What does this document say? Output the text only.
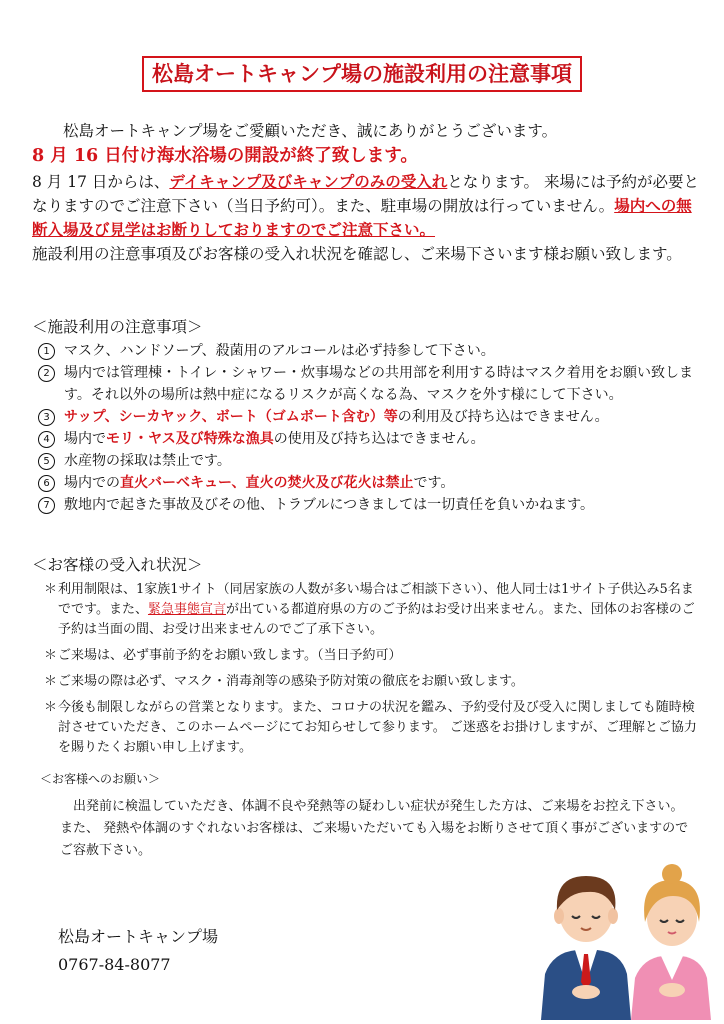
松島オートキャンプ場の施設利用の注意事項

松島オートキャンプ場をご愛顧いただき、誠にありがとうございます。

8 月 16 日付け海水浴場の開設が終了致します。

8 月 17 日からは、デイキャンプ及びキャンプのみの受入れとなります。 来場には予約が必要となりますのでご注意下さい（当日予約可）。また、駐車場の開放は行っていません。場内への無断入場及び見学はお断りしておりますのでご注意下さい。

施設利用の注意事項及びお客様の受入れ状況を確認し、ご来場下さいます様お願い致します。

＜施設利用の注意事項＞
1	マスク、ハンドソープ、殺菌用のアルコールは必ず持参して下さい。
2	場内では管理棟・トイレ・シャワー・炊事場などの共用部を利用する時はマスク着用をお願い致します。それ以外の場所は熱中症になるリスクが高くなる為、マスクを外す様にして下さい。
3	サップ、シーカヤック、ボート（ゴムボート含む）等の利用及び持ち込はできません。
4	場内でモリ・ヤス及び特殊な漁具の使用及び持ち込はできません。
5	水産物の採取は禁止です。
6	場内での直火バーベキュー、直火の焚火及び花火は禁止です。
7	敷地内で起きた事故及びその他、トラブルにつきましては一切責任を負いかねます。
＜お客様の受入れ状況＞
＊ 利用制限は、1家族1サイト（同居家族の人数が多い場合はご相談下さい）、他人同士は1サイト子供込み5名までです。また、緊急事態宣言が出ている都道府県の方のご予約はお受け出来ません。また、団体のお客様のご予約は当面の間、お受け出来ませんのでご了承下さい。
＊ ご来場は、必ず事前予約をお願い致します。（当日予約可）
＊ ご来場の際は必ず、マスク・消毒剤等の感染予防対策の徹底をお願い致します。
＊ 今後も制限しながらの営業となります。また、コロナの状況を鑑み、予約受付及び受入に関しましても随時検討させていただき、このホームページにてお知らせして参ります。 ご迷惑をお掛けしますが、ご理解とご協力を賜りたくお願い申し上げます。
＜お客様へのお願い＞

出発前に検温していただき、体調不良や発熱等の疑わしい症状が発生した方は、ご来場をお控え下さい。 また、 発熱や体調のすぐれないお客様は、ご来場いただいても入場をお断りさせて頂く事がございますのでご容赦下さい。

松島オートキャンプ場
0767-84-8077
